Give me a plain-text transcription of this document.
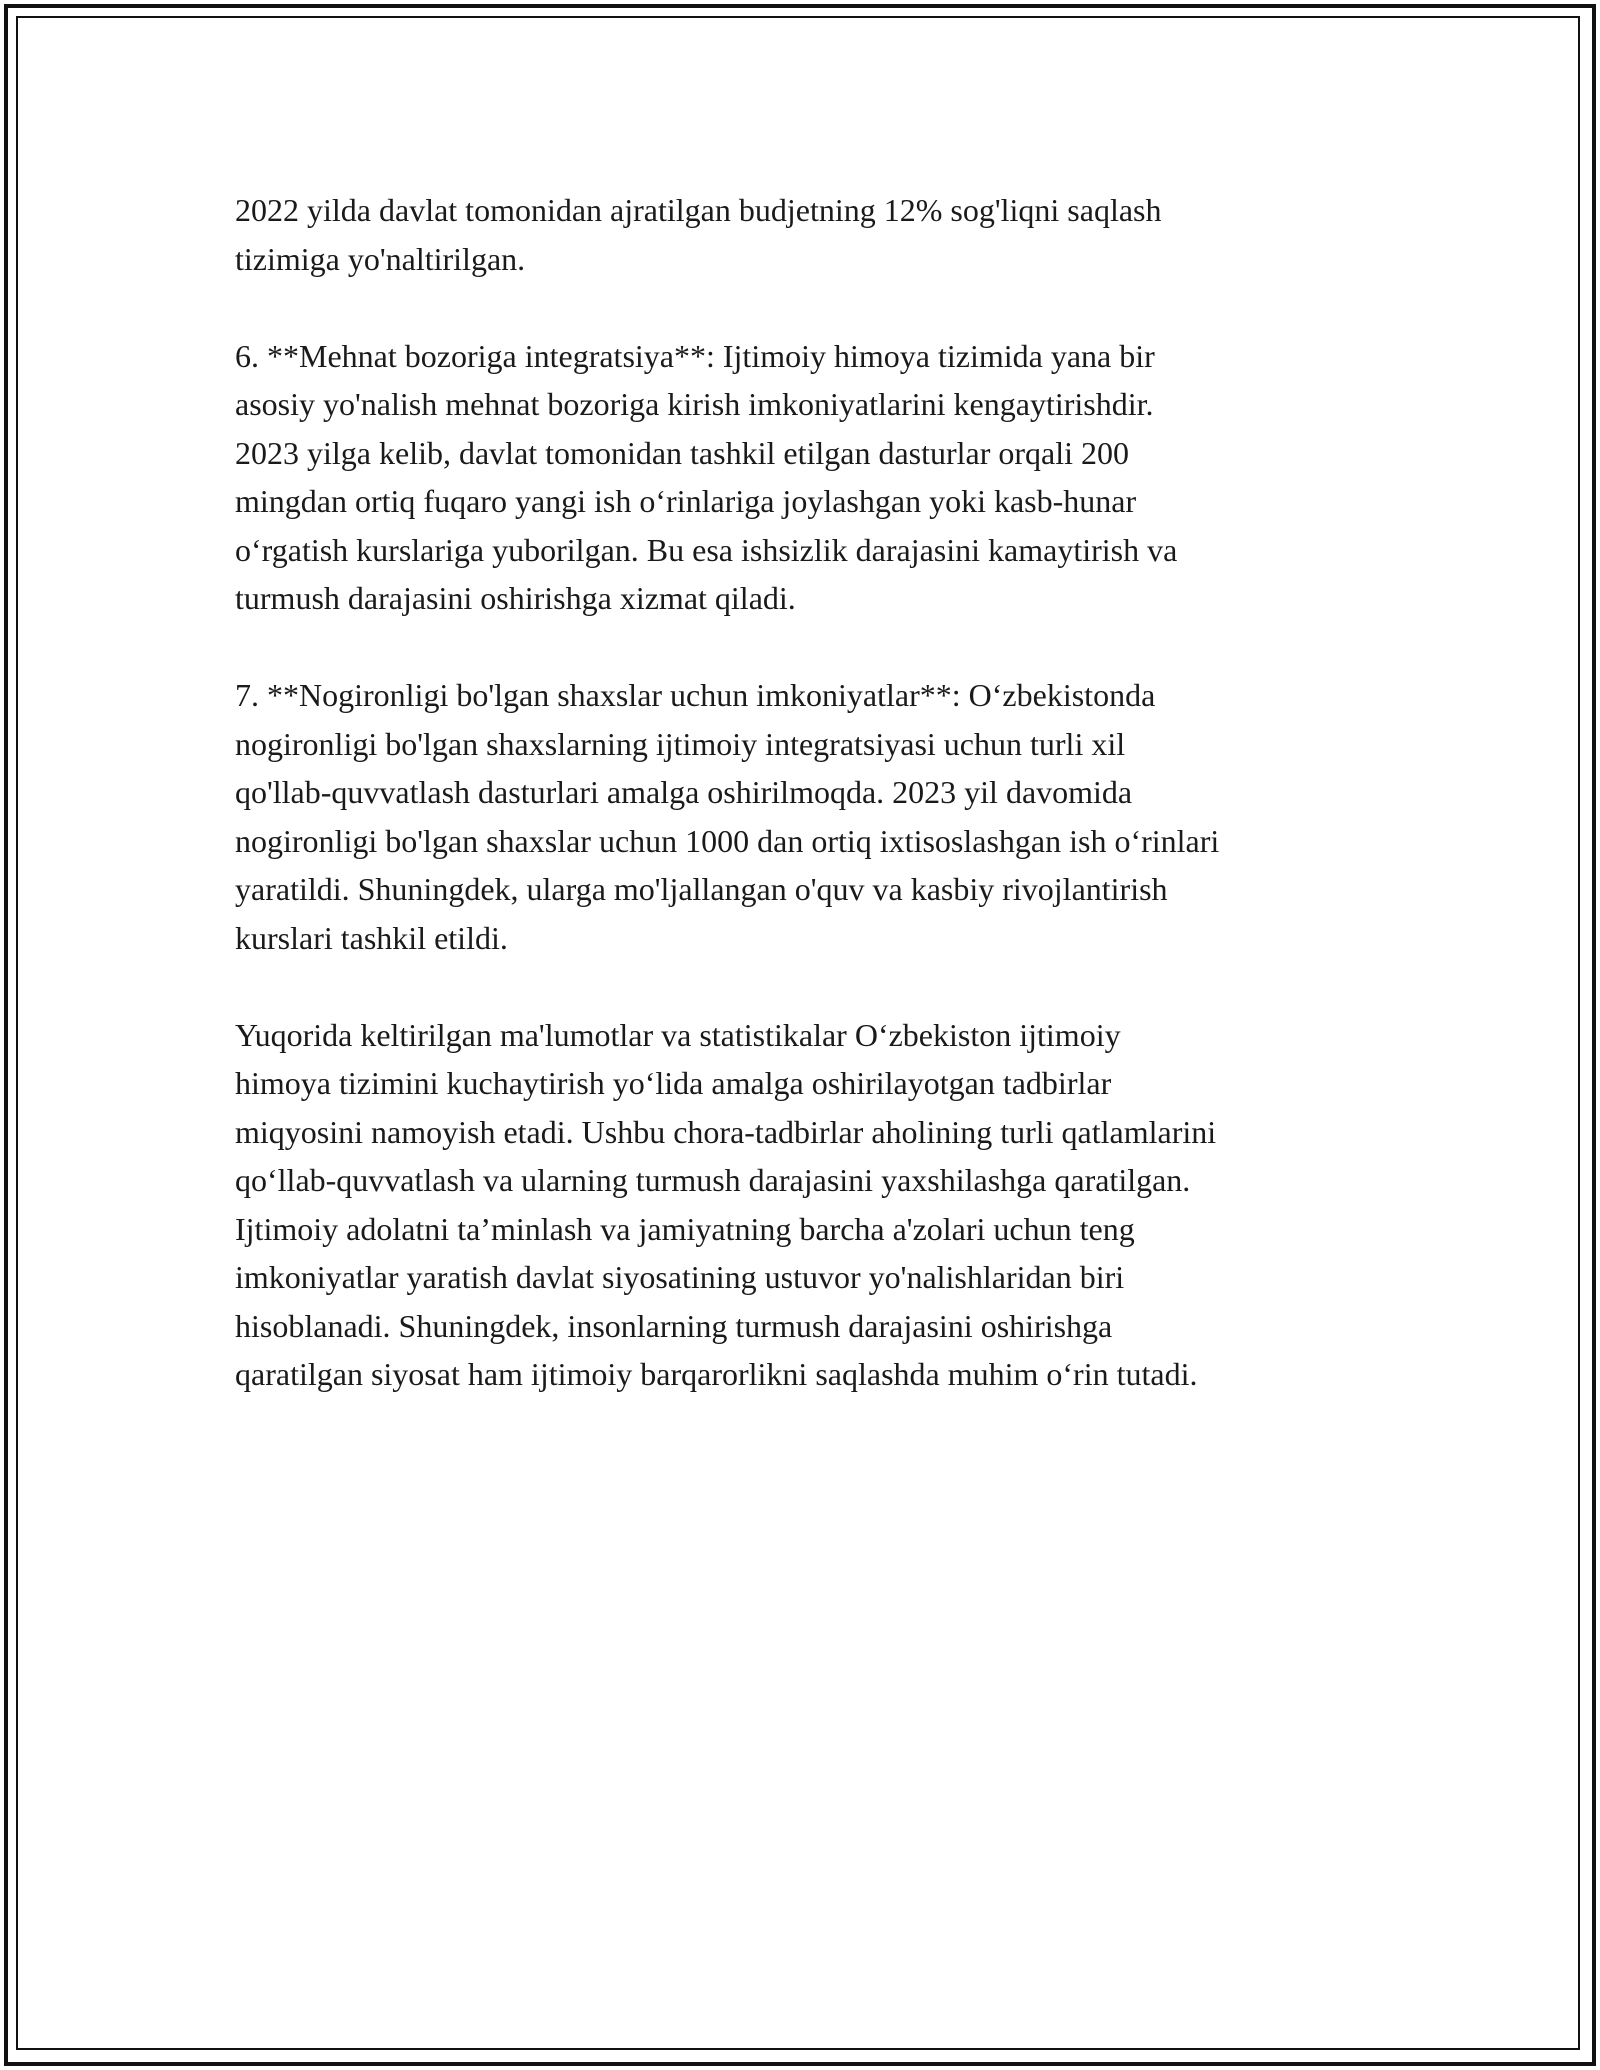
2022 yilda davlat tomonidan ajratilgan budjetning 12% sog'liqni saqlash
tizimiga yo'naltirilgan.

6. **Mehnat bozoriga integratsiya**: Ijtimoiy himoya tizimida yana bir
asosiy yo'nalish mehnat bozoriga kirish imkoniyatlarini kengaytirishdir.
2023 yilga kelib, davlat tomonidan tashkil etilgan dasturlar orqali 200
mingdan ortiq fuqaro yangi ish oʻrinlariga joylashgan yoki kasb-hunar
oʻrgatish kurslariga yuborilgan. Bu esa ishsizlik darajasini kamaytirish va
turmush darajasini oshirishga xizmat qiladi.

7. **Nogironligi bo'lgan shaxslar uchun imkoniyatlar**: Oʻzbekistonda
nogironligi bo'lgan shaxslarning ijtimoiy integratsiyasi uchun turli xil
qo'llab-quvvatlash dasturlari amalga oshirilmoqda. 2023 yil davomida
nogironligi bo'lgan shaxslar uchun 1000 dan ortiq ixtisoslashgan ish oʻrinlari
yaratildi. Shuningdek, ularga mo'ljallangan o'quv va kasbiy rivojlantirish
kurslari tashkil etildi.

Yuqorida keltirilgan ma'lumotlar va statistikalar Oʻzbekiston ijtimoiy
himoya tizimini kuchaytirish yoʻlida amalga oshirilayotgan tadbirlar
miqyosini namoyish etadi. Ushbu chora-tadbirlar aholining turli qatlamlarini
qoʻllab-quvvatlash va ularning turmush darajasini yaxshilashga qaratilgan.
Ijtimoiy adolatni ta’minlash va jamiyatning barcha a'zolari uchun teng
imkoniyatlar yaratish davlat siyosatining ustuvor yo'nalishlaridan biri
hisoblanadi. Shuningdek, insonlarning turmush darajasini oshirishga
qaratilgan siyosat ham ijtimoiy barqarorlikni saqlashda muhim oʻrin tutadi.
